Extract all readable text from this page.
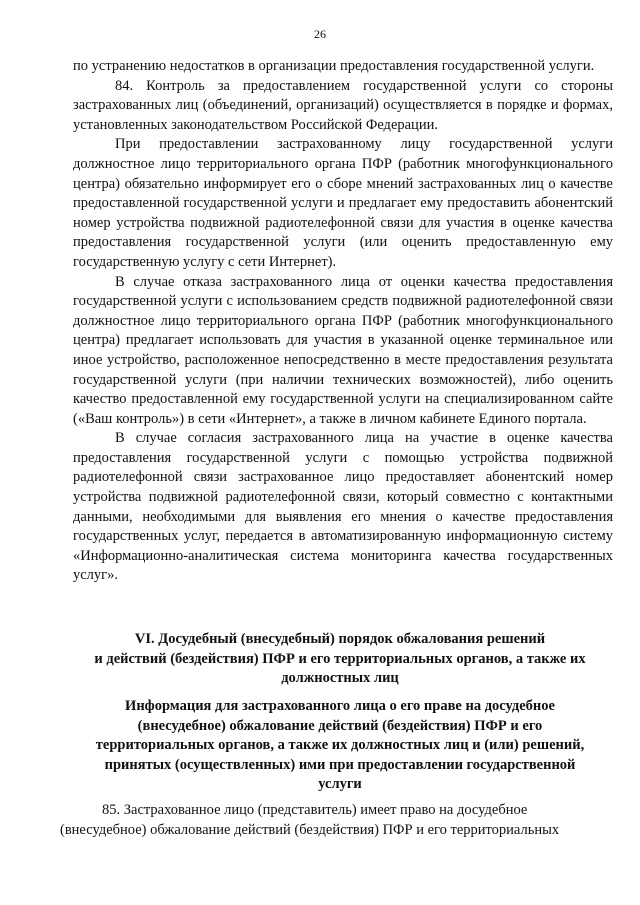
26

по устранению недостатков в организации предоставления государственной услуги.

84. Контроль за предоставлением государственной услуги со стороны застрахованных лиц (объединений, организаций) осуществляется в порядке и формах, установленных законодательством Российской Федерации.

При предоставлении застрахованному лицу государственной услуги должностное лицо территориального органа ПФР (работник многофункционального центра) обязательно информирует его о сборе мнений застрахованных лиц о качестве предоставленной государственной услуги и предлагает ему предоставить абонентский номер устройства подвижной радиотелефонной связи для участия в оценке качества предоставления государственной услуги (или оценить предоставленную ему государственную услугу с сети Интернет).

В случае отказа застрахованного лица от оценки качества предоставления государственной услуги с использованием средств подвижной радиотелефонной связи должностное лицо территориального органа ПФР (работник многофункционального центра) предлагает использовать для участия в указанной оценке терминальное или иное устройство, расположенное непосредственно в месте предоставления результата государственной услуги (при наличии технических возможностей), либо оценить качество предоставленной ему государственной услуги на специализированном сайте («Ваш контроль») в сети «Интернет», а также в личном кабинете Единого портала.

В случае согласия застрахованного лица на участие в оценке качества предоставления государственной услуги с помощью устройства подвижной радиотелефонной связи застрахованное лицо предоставляет абонентский номер устройства подвижной радиотелефонной связи, который совместно с контактными данными, необходимыми для выявления его мнения о качестве предоставления государственных услуг, передается в автоматизированную информационную систему «Информационно-аналитическая система мониторинга качества государственных услуг».

VI. Досудебный (внесудебный) порядок обжалования решений
и действий (бездействия) ПФР и его территориальных органов, а также их
должностных лиц
Информация для застрахованного лица о его праве на досудебное
(внесудебное) обжалование действий (бездействия) ПФР и его
территориальных органов, а также их должностных лиц и (или) решений,
принятых (осуществленных) ими при предоставлении государственной
услуги
85. Застрахованное лицо (представитель) имеет право на досудебное
(внесудебное) обжалование действий (бездействия) ПФР и его территориальных
